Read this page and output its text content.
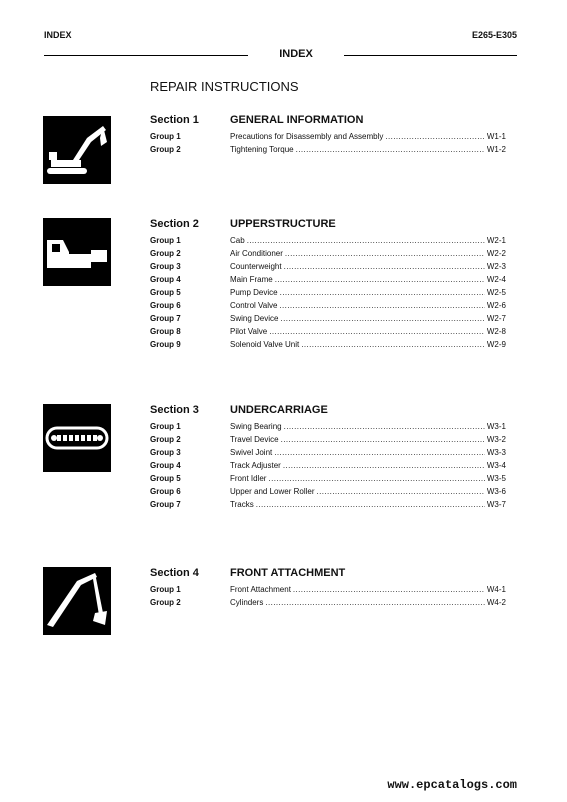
INDEX	E265-E305
INDEX
REPAIR INSTRUCTIONS
Section 1	GENERAL INFORMATION
Group 1	Precautions for Disassembly and Assembly .....	W1-1
Group 2	Tightening Torque .....	W1-2
Section 2	UPPERSTRUCTURE
Group 1	Cab .....	W2-1
Group 2	Air Conditioner .....	W2-2
Group 3	Counterweight .....	W2-3
Group 4	Main Frame .....	W2-4
Group 5	Pump Device .....	W2-5
Group 6	Control Valve .....	W2-6
Group 7	Swing Device .....	W2-7
Group 8	Pilot Valve .....	W2-8
Group 9	Solenoid Valve Unit .....	W2-9
Section 3	UNDERCARRIAGE
Group 1	Swing Bearing .....	W3-1
Group 2	Travel Device .....	W3-2
Group 3	Swivel Joint .....	W3-3
Group 4	Track Adjuster .....	W3-4
Group 5	Front Idler .....	W3-5
Group 6	Upper and Lower Roller .....	W3-6
Group 7	Tracks .....	W3-7
Section 4	FRONT ATTACHMENT
Group 1	Front Attachment .....	W4-1
Group 2	Cylinders .....	W4-2
www.epcatalogs.com
